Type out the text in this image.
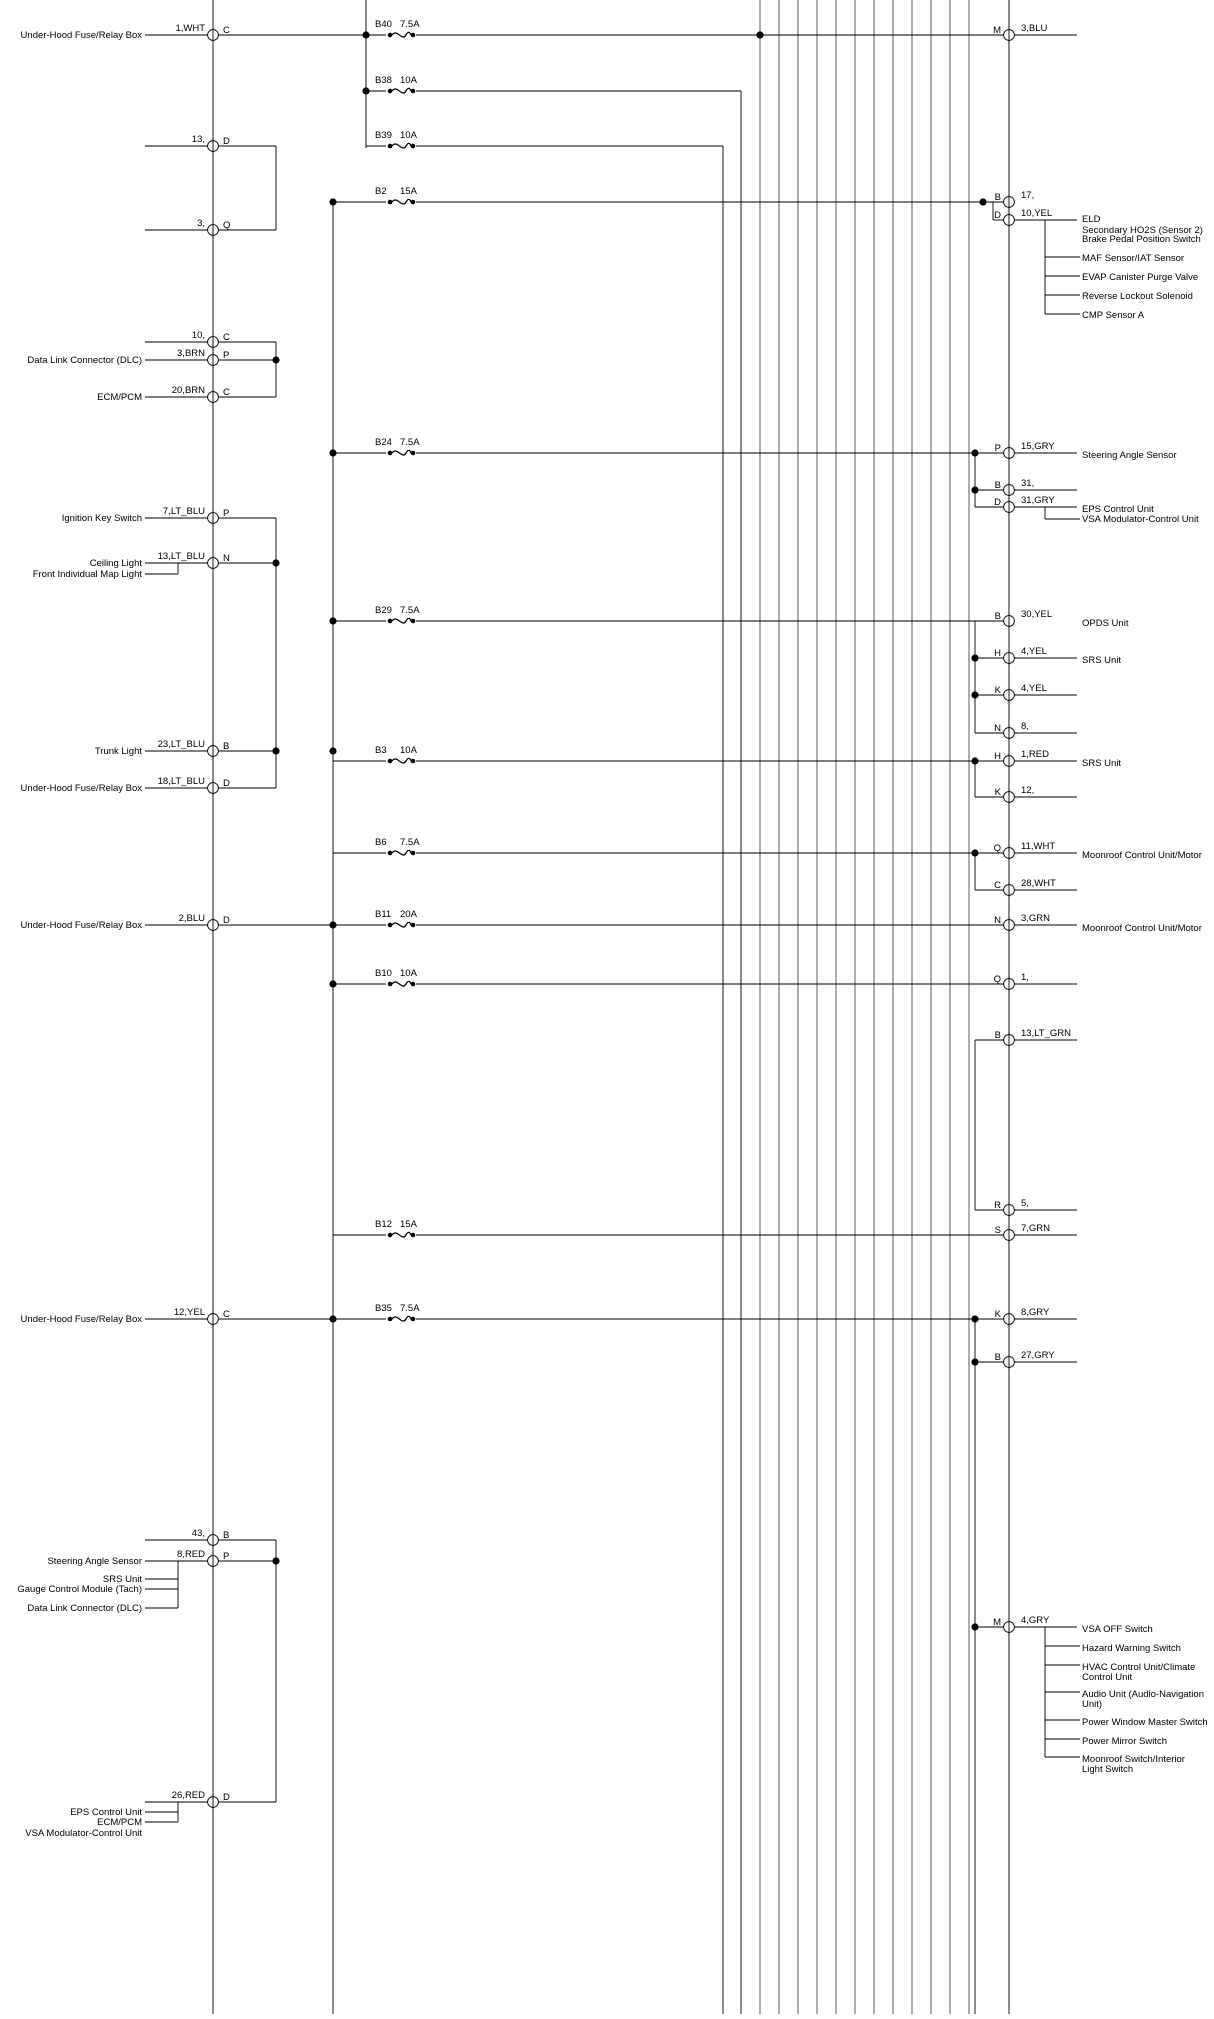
B40 7.5A
B38 10A
B39 10A
B2 15A
B24 7.5A
B29 7.5A
B3 10A
B6 7.5A
B11 20A
B10 10A
B12 15A
B35 7.5A
1,WHT C
13, D
3, Q
10, C
3,BRN P
20,BRN C
7,LT_BLU P
13,LT_BLU N
23,LT_BLU B
18,LT_BLU D
2,BLU D
12,YEL C
43, B
8,RED P
26,RED D
M 3,BLU
B 17,
D 10,YEL
P 15,GRY
B 31,
D 31,GRY
B 30,YEL
H 4,YEL
K 4,YEL
N 8,
H 1,RED
K 12,
Q 11,WHT
C 28,WHT
N 3,GRN
Q 1,
B 13,LT_GRN
R 5,
S 7,GRN
K 8,GRY
B 27,GRY
M 4,GRY
Under-Hood Fuse/Relay Box
Data Link Connector (DLC)
ECM/PCM
Ignition Key Switch
Ceiling Light
Front Individual Map Light
Trunk Light
Under-Hood Fuse/Relay Box
Under-Hood Fuse/Relay Box
Under-Hood Fuse/Relay Box
Steering Angle Sensor
SRS Unit
Gauge Control Module (Tach)
Data Link Connector (DLC)
EPS Control Unit
ECM/PCM
VSA Modulator-Control Unit
ELD
Secondary HO2S (Sensor 2)
Brake Pedal Position Switch
MAF Sensor/IAT Sensor
EVAP Canister Purge Valve
Reverse Lockout Solenoid
CMP Sensor A
Steering Angle Sensor
EPS Control Unit
VSA Modulator-Control Unit
OPDS Unit
SRS Unit
SRS Unit
Moonroof Control Unit/Motor
Moonroof Control Unit/Motor
VSA OFF Switch
Hazard Warning Switch
HVAC Control Unit/Climate
Control Unit
Audio Unit (Audio-Navigation
Unit)
Power Window Master Switch
Power Mirror Switch
Moonroof Switch/Interior
Light Switch
